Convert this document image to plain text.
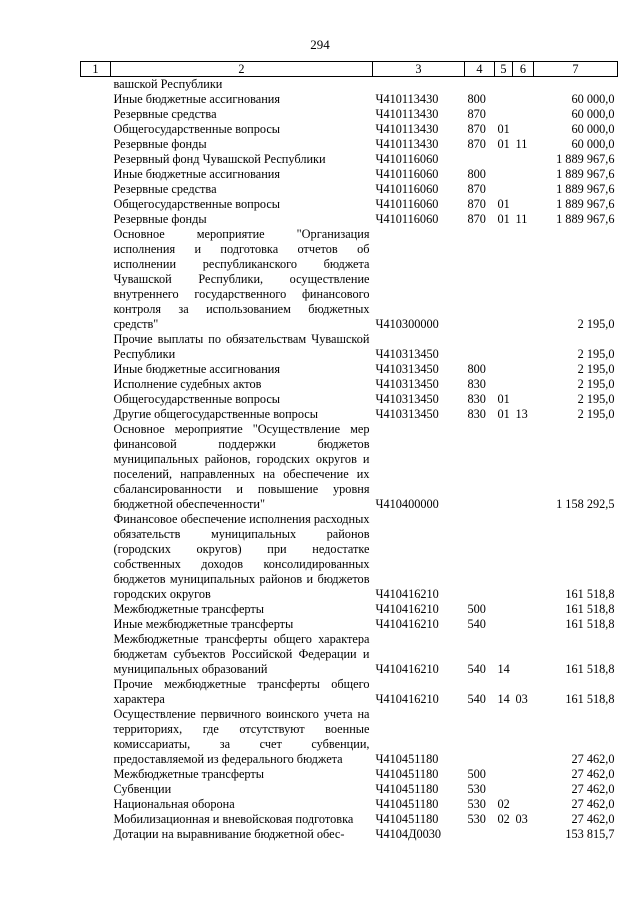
294
1	2	3	4	5	6	7
	вашской Республики					
	Иные бюджетные ассигнования	Ч410113430	800			60 000,0
	Резервные средства	Ч410113430	870			60 000,0
	Общегосударственные вопросы	Ч410113430	870	01		60 000,0
	Резервные фонды	Ч410113430	870	01	11	60 000,0
	Резервный фонд Чувашской Республики	Ч410116060				1 889 967,6
	Иные бюджетные ассигнования	Ч410116060	800			1 889 967,6
	Резервные средства	Ч410116060	870			1 889 967,6
	Общегосударственные вопросы	Ч410116060	870	01		1 889 967,6
	Резервные фонды	Ч410116060	870	01	11	1 889 967,6
	Основное мероприятие "Организация исполнения и подготовка отчетов об исполнении республиканского бюджета Чувашской Республики, осуществление внутреннего государственного финансового контроля за использованием бюджетных средств"	Ч410300000				2 195,0
	Прочие выплаты по обязательствам Чувашской Республики	Ч410313450				2 195,0
	Иные бюджетные ассигнования	Ч410313450	800			2 195,0
	Исполнение судебных актов	Ч410313450	830			2 195,0
	Общегосударственные вопросы	Ч410313450	830	01		2 195,0
	Другие общегосударственные вопросы	Ч410313450	830	01	13	2 195,0
	Основное мероприятие "Осуществление мер финансовой поддержки бюджетов муниципальных районов, городских округов и поселений, направленных на обеспечение их сбалансированности и повышение уровня бюджетной обеспеченности"	Ч410400000				1 158 292,5
	Финансовое обеспечение исполнения расходных обязательств муниципальных районов (городских округов) при недостатке собственных доходов консолидированных бюджетов муниципальных районов и бюджетов городских округов	Ч410416210				161 518,8
	Межбюджетные трансферты	Ч410416210	500			161 518,8
	Иные межбюджетные трансферты	Ч410416210	540			161 518,8
	Межбюджетные трансферты общего характера бюджетам субъектов Российской Федерации и муниципальных образований	Ч410416210	540	14		161 518,8
	Прочие межбюджетные трансферты общего характера	Ч410416210	540	14	03	161 518,8
	Осуществление первичного воинского учета на территориях, где отсутствуют военные комиссариаты, за счет субвенции, предоставляемой из федерального бюджета	Ч410451180				27 462,0
	Межбюджетные трансферты	Ч410451180	500			27 462,0
	Субвенции	Ч410451180	530			27 462,0
	Национальная оборона	Ч410451180	530	02		27 462,0
	Мобилизационная и вневойсковая подготовка	Ч410451180	530	02	03	27 462,0
	Дотации на выравнивание бюджетной обес-	Ч4104Д0030				153 815,7
